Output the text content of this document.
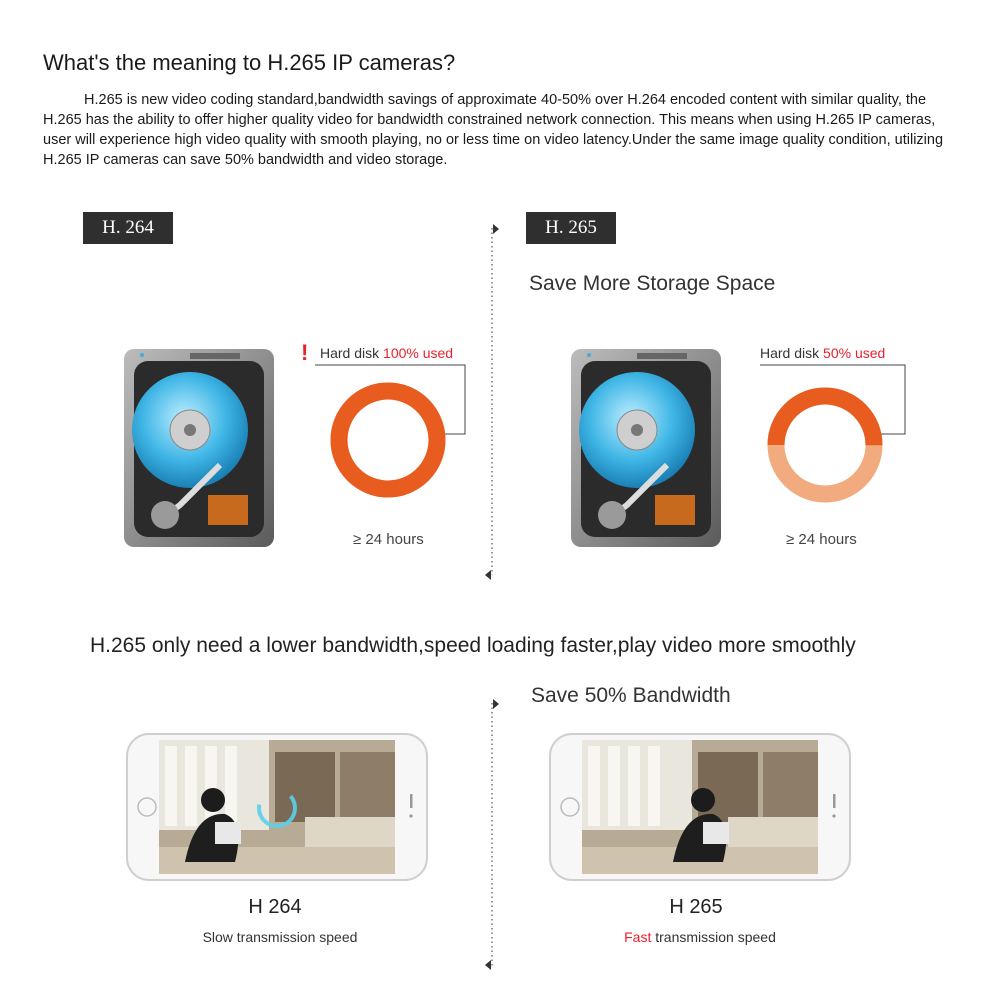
What's the meaning to H.265 IP cameras?

H.265 is new video coding standard,bandwidth savings of approximate 40-50% over H.264 encoded content with similar quality, the H.265 has the ability to offer higher quality video for bandwidth constrained network connection. This means when using H.265 IP cameras, user will experience high video quality with smooth playing, no or less time on video latency.Under the same image quality condition, utilizing H.265 IP cameras can save 50% bandwidth and video storage.

H. 264	H. 265
Save More Storage Space
! Hard disk 100% used	Hard disk 50% used
≥ 24 hours	≥ 24 hours
H.265 only need a lower bandwidth,speed loading faster,play video more smoothly
Save 50% Bandwidth
H 264
Slow transmission speed
H 265
Fast transmission speed
